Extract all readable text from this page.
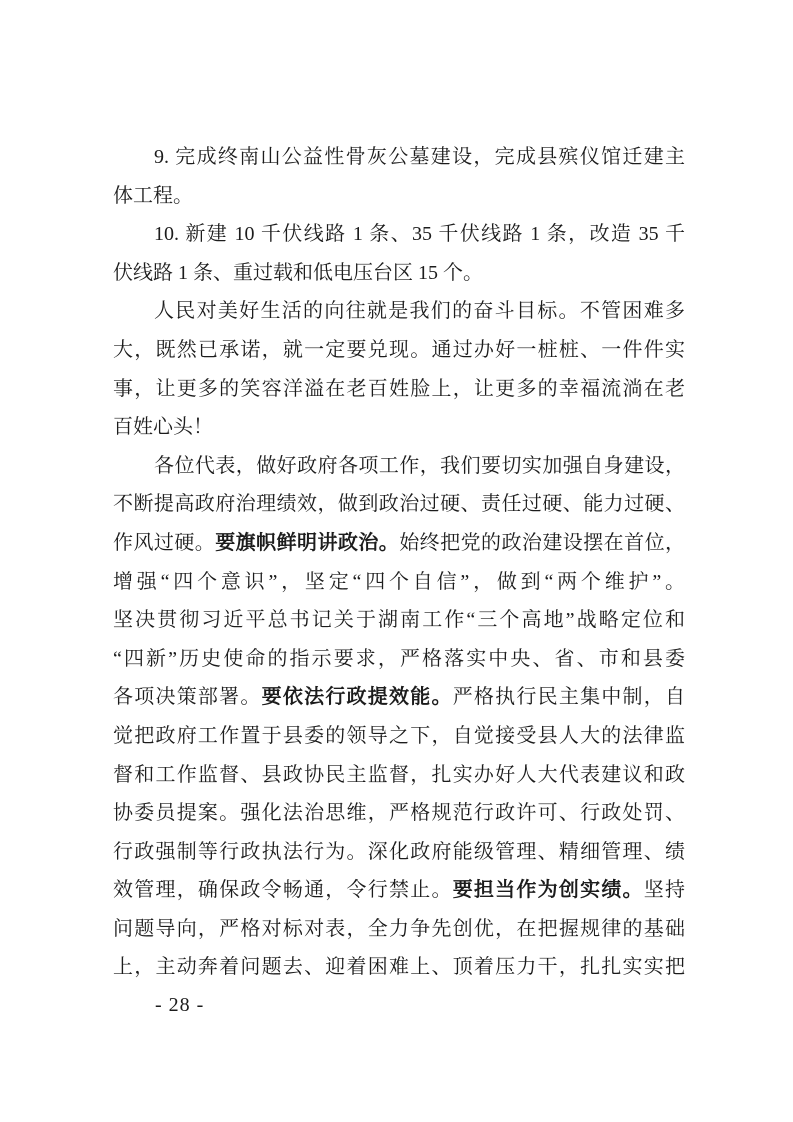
9. 完成终南山公益性骨灰公墓建设，完成县殡仪馆迁建主
体工程。
10. 新建 10 千伏线路 1 条、35 千伏线路 1 条，改造 35 千
伏线路 1 条、重过载和低电压台区 15 个。
人民对美好生活的向往就是我们的奋斗目标。不管困难多
大，既然已承诺，就一定要兑现。通过办好一桩桩、一件件实
事，让更多的笑容洋溢在老百姓脸上，让更多的幸福流淌在老
百姓心头！
各位代表，做好政府各项工作，我们要切实加强自身建设，
不断提高政府治理绩效，做到政治过硬、责任过硬、能力过硬、
作风过硬。要旗帜鲜明讲政治。始终把党的政治建设摆在首位，
增强“四个意识”，坚定“四个自信”，做到“两个维护”。
坚决贯彻习近平总书记关于湖南工作“三个高地”战略定位和
“四新”历史使命的指示要求，严格落实中央、省、市和县委
各项决策部署。要依法行政提效能。严格执行民主集中制，自
觉把政府工作置于县委的领导之下，自觉接受县人大的法律监
督和工作监督、县政协民主监督，扎实办好人大代表建议和政
协委员提案。强化法治思维，严格规范行政许可、行政处罚、
行政强制等行政执法行为。深化政府能级管理、精细管理、绩
效管理，确保政令畅通，令行禁止。要担当作为创实绩。坚持
问题导向，严格对标对表，全力争先创优，在把握规律的基础
上，主动奔着问题去、迎着困难上、顶着压力干，扎扎实实把
- 28 -
